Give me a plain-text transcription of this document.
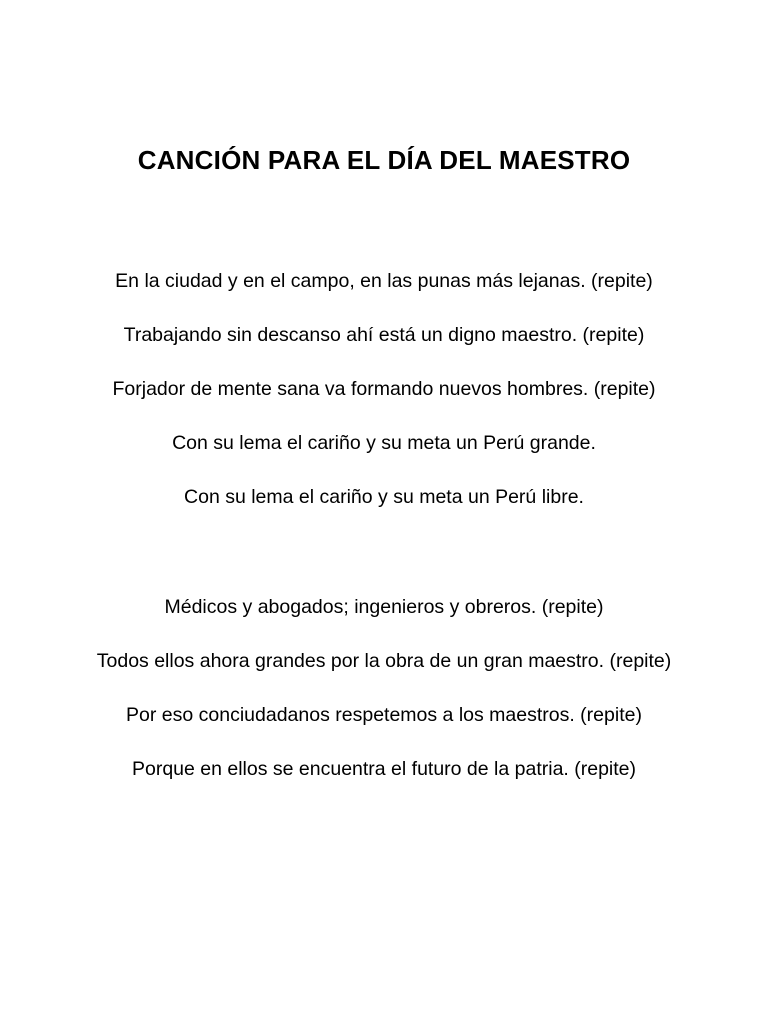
CANCIÓN PARA EL DÍA DEL MAESTRO
En la ciudad y en el campo, en las punas más lejanas. (repite)
Trabajando sin descanso ahí está un digno maestro. (repite)
Forjador de mente sana va formando nuevos hombres. (repite)
Con su lema el cariño y su meta un Perú grande.
Con su lema el cariño y su meta un Perú libre.
Médicos y abogados; ingenieros y obreros. (repite)
Todos ellos ahora grandes por la obra de un gran maestro. (repite)
Por eso conciudadanos respetemos a los maestros. (repite)
Porque en ellos se encuentra el futuro de la patria. (repite)
